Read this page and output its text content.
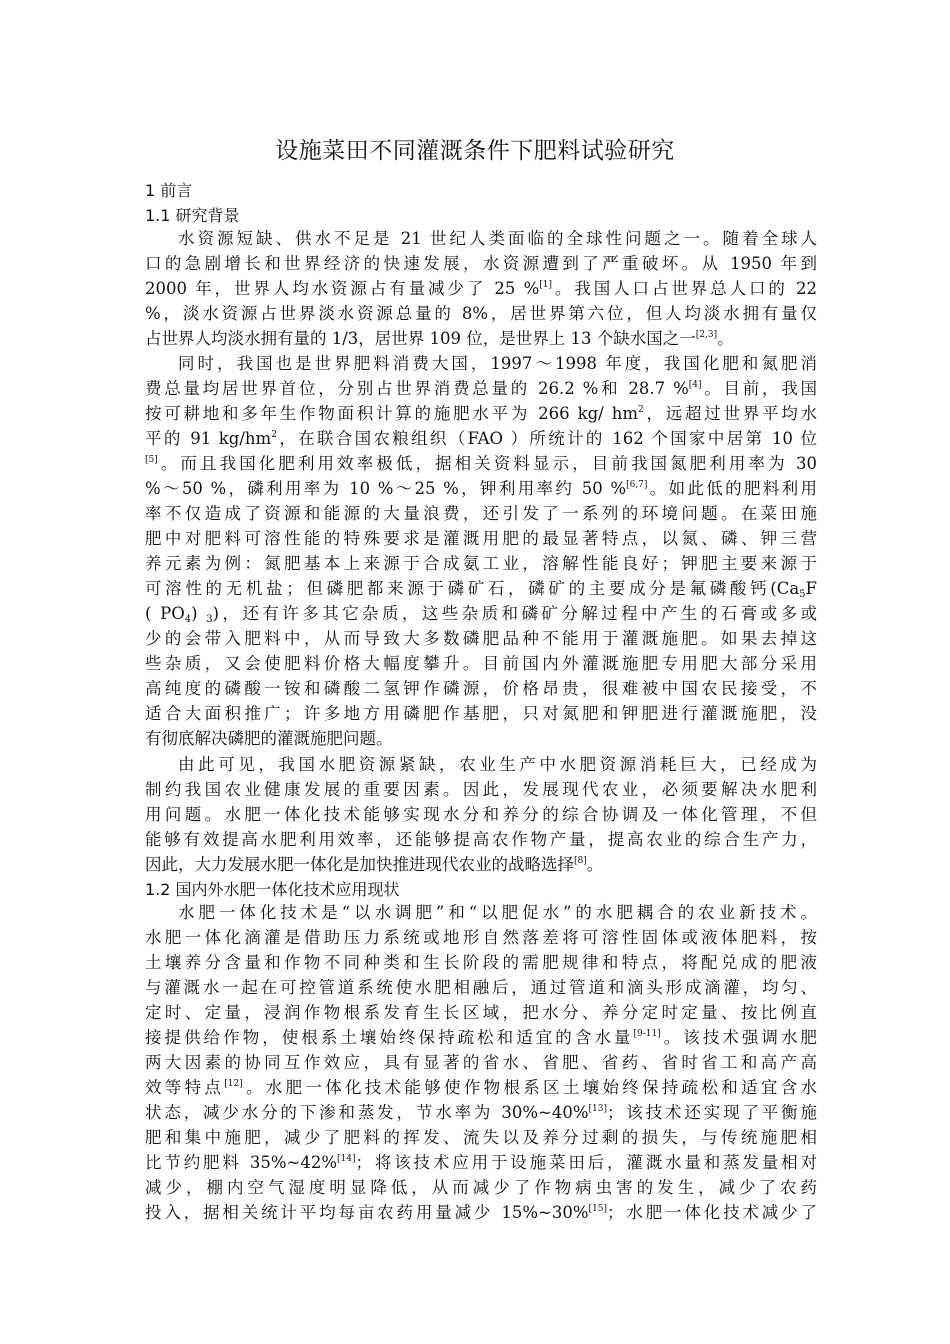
设施菜田不同灌溉条件下肥料试验研究
1 前言
1.1 研究背景
水资源短缺、供水不足是 21 世纪人类面临的全球性问题之一。随着全球人
口的急剧增长和世界经济的快速发展，水资源遭到了严重破坏。从 1950 年到
2000 年，世界人均水资源占有量减少了 25 %[1]。我国人口占世界总人口的 22
%，淡水资源占世界淡水资源总量的 8%，居世界第六位，但人均淡水拥有量仅
占世界人均淡水拥有量的 1/3，居世界 109 位，是世界上 13 个缺水国之一[2,3]。
同时，我国也是世界肥料消费大国，1997～1998 年度，我国化肥和氮肥消
费总量均居世界首位，分别占世界消费总量的 26.2 %和 28.7 %[4]。目前，我国
按可耕地和多年生作物面积计算的施肥水平为 266 kg/ $hm^2$，远超过世界平均水
平的 91 $kg/hm^2$，在联合国农粮组织（FAO ）所统计的 162 个国家中居第 10 位
[5]。而且我国化肥利用效率极低，据相关资料显示，目前我国氮肥利用率为 30
%～50 %，磷利用率为 10 %～25 %，钾利用率约 50 %[6,7]。如此低的肥料利用
率不仅造成了资源和能源的大量浪费，还引发了一系列的环境问题。在菜田施
肥中对肥料可溶性能的特殊要求是灌溉用肥的最显著特点，以氮、磷、钾三营
养元素为例：氮肥基本上来源于合成氨工业，溶解性能良好；钾肥主要来源于
可溶性的无机盐；但磷肥都来源于磷矿石，磷矿的主要成分是氟磷酸钙($Ca_5F$
( $PO_4$) $_3$)，还有许多其它杂质，这些杂质和磷矿分解过程中产生的石膏或多或
少的会带入肥料中，从而导致大多数磷肥品种不能用于灌溉施肥。如果去掉这
些杂质，又会使肥料价格大幅度攀升。目前国内外灌溉施肥专用肥大部分采用
高纯度的磷酸一铵和磷酸二氢钾作磷源，价格昂贵，很难被中国农民接受，不
适合大面积推广；许多地方用磷肥作基肥，只对氮肥和钾肥进行灌溉施肥，没
有彻底解决磷肥的灌溉施肥问题。
由此可见，我国水肥资源紧缺，农业生产中水肥资源消耗巨大，已经成为
制约我国农业健康发展的重要因素。因此，发展现代农业，必须要解决水肥利
用问题。水肥一体化技术能够实现水分和养分的综合协调及一体化管理，不但
能够有效提高水肥利用效率，还能够提高农作物产量，提高农业的综合生产力，
因此，大力发展水肥一体化是加快推进现代农业的战略选择[8]。
1.2 国内外水肥一体化技术应用现状
水肥一体化技术是“以水调肥”和“以肥促水”的水肥耦合的农业新技术。
水肥一体化滴灌是借助压力系统或地形自然落差将可溶性固体或液体肥料，按
土壤养分含量和作物不同种类和生长阶段的需肥规律和特点，将配兑成的肥液
与灌溉水一起在可控管道系统使水肥相融后，通过管道和滴头形成滴灌，均匀、
定时、定量，浸润作物根系发育生长区域，把水分、养分定时定量、按比例直
接提供给作物，使根系土壤始终保持疏松和适宜的含水量[9-11]。该技术强调水肥
两大因素的协同互作效应，具有显著的省水、省肥、省药、省时省工和高产高
效等特点[12]。水肥一体化技术能够使作物根系区土壤始终保持疏松和适宜含水
状态，减少水分的下渗和蒸发，节水率为 30%~40%[13]；该技术还实现了平衡施
肥和集中施肥，减少了肥料的挥发、流失以及养分过剩的损失，与传统施肥相
比节约肥料 35%~42%[14]；将该技术应用于设施菜田后，灌溉水量和蒸发量相对
减少，棚内空气湿度明显降低，从而减少了作物病虫害的发生，减少了农药
投入，据相关统计平均每亩农药用量减少 15%~30%[15]；水肥一体化技术减少了
